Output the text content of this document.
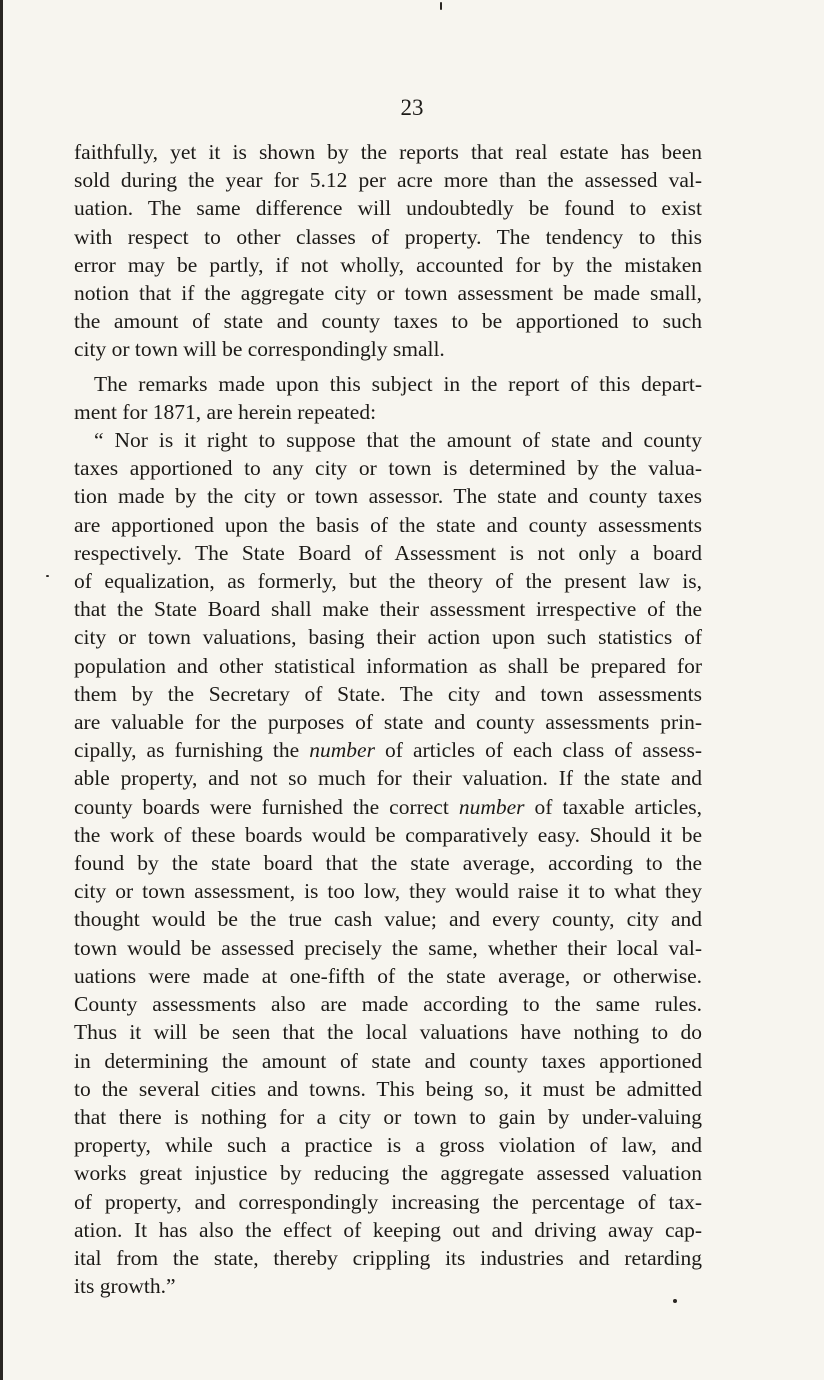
23

faithfully, yet it is shown by the reports that real estate has been
sold during the year for 5.12 per acre more than the assessed val-
uation. The same difference will undoubtedly be found to exist
with respect to other classes of property. The tendency to this
error may be partly, if not wholly, accounted for by the mistaken
notion that if the aggregate city or town assessment be made small,
the amount of state and county taxes to be apportioned to such
city or town will be correspondingly small.

The remarks made upon this subject in the report of this depart-
ment for 1871, are herein repeated:

“ Nor is it right to suppose that the amount of state and county
taxes apportioned to any city or town is determined by the valua-
tion made by the city or town assessor. The state and county taxes
are apportioned upon the basis of the state and county assessments
respectively. The State Board of Assessment is not only a board
of equalization, as formerly, but the theory of the present law is,
that the State Board shall make their assessment irrespective of the
city or town valuations, basing their action upon such statistics of
population and other statistical information as shall be prepared for
them by the Secretary of State. The city and town assessments
are valuable for the purposes of state and county assessments prin-
cipally, as furnishing the number of articles of each class of assess-
able property, and not so much for their valuation. If the state and
county boards were furnished the correct number of taxable articles,
the work of these boards would be comparatively easy. Should it be
found by the state board that the state average, according to the
city or town assessment, is too low, they would raise it to what they
thought would be the true cash value; and every county, city and
town would be assessed precisely the same, whether their local val-
uations were made at one-fifth of the state average, or otherwise.
County assessments also are made according to the same rules.
Thus it will be seen that the local valuations have nothing to do
in determining the amount of state and county taxes apportioned
to the several cities and towns. This being so, it must be admitted
that there is nothing for a city or town to gain by under-valuing
property, while such a practice is a gross violation of law, and
works great injustice by reducing the aggregate assessed valuation
of property, and correspondingly increasing the percentage of tax-
ation. It has also the effect of keeping out and driving away cap-
ital from the state, thereby crippling its industries and retarding
its growth.”
